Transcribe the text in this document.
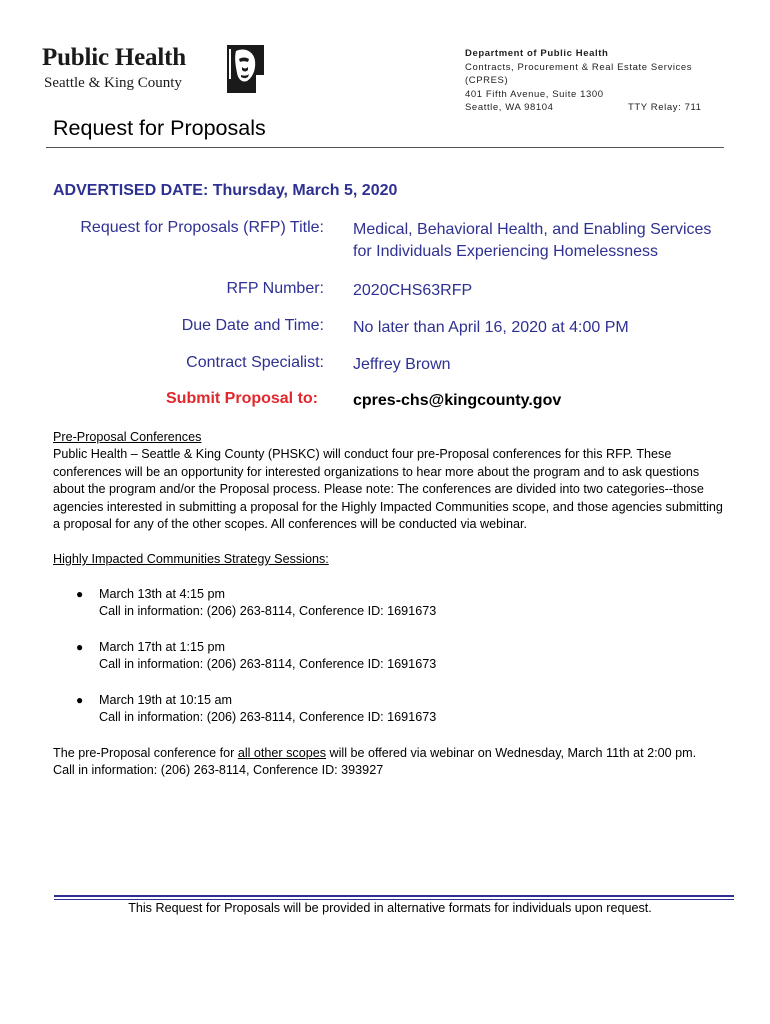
Public Health
Seattle & King County
Department of Public Health
Contracts, Procurement & Real Estate Services
(CPRES)
401 Fifth Avenue, Suite 1300
Seattle, WA 98104	TTY Relay: 711
Request for Proposals
ADVERTISED DATE: Thursday, March 5, 2020
Request for Proposals (RFP) Title: Medical, Behavioral Health, and Enabling Services
for Individuals Experiencing Homelessness
RFP Number: 2020CHS63RFP
Due Date and Time: No later than April 16, 2020 at 4:00 PM
Contract Specialist: Jeffrey Brown
Submit Proposal to: cpres-chs@kingcounty.gov
Pre-Proposal Conferences
Public Health – Seattle & King County (PHSKC) will conduct four pre-Proposal conferences for this RFP. These conferences will be an opportunity for interested organizations to hear more about the program and to ask questions about the program and/or the Proposal process. Please note: The conferences are divided into two categories--those agencies interested in submitting a proposal for the Highly Impacted Communities scope, and those agencies submitting a proposal for any of the other scopes. All conferences will be conducted via webinar.
Highly Impacted Communities Strategy Sessions:
● March 13th at 4:15 pm
Call in information: (206) 263-8114, Conference ID: 1691673
● March 17th at 1:15 pm
Call in information: (206) 263-8114, Conference ID: 1691673
● March 19th at 10:15 am
Call in information: (206) 263-8114, Conference ID: 1691673
The pre-Proposal conference for all other scopes will be offered via webinar on Wednesday, March 11th at 2:00 pm.
Call in information: (206) 263-8114, Conference ID: 393927
This Request for Proposals will be provided in alternative formats for individuals upon request.
